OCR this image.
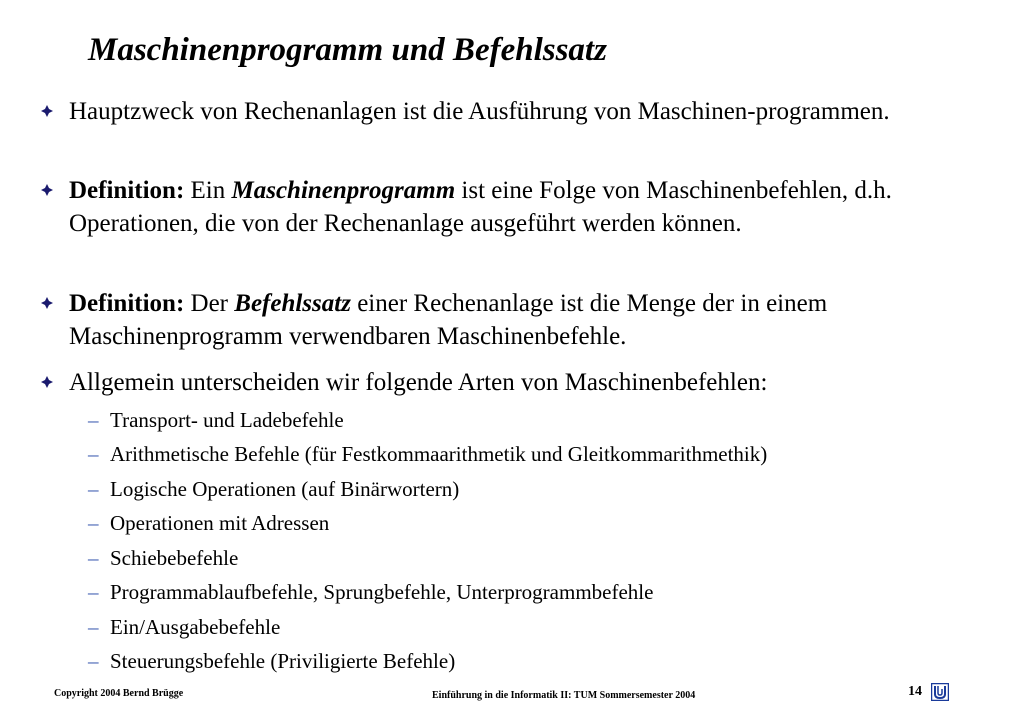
Maschinenprogramm und Befehlssatz
Hauptzweck von Rechenanlagen ist die Ausführung von Maschinen-programmen.
Definition: Ein Maschinenprogramm ist eine Folge von Maschinenbefehlen, d.h. Operationen, die von der Rechenanlage ausgeführt werden können.
Definition: Der Befehlssatz einer Rechenanlage ist die Menge der in einem Maschinenprogramm verwendbaren Maschinenbefehle.
Allgemein unterscheiden wir folgende Arten von Maschinenbefehlen:
– Transport- und Ladebefehle
– Arithmetische Befehle (für Festkommaarithmetik und Gleitkommarithmethik)
– Logische Operationen (auf Binärwortern)
– Operationen mit Adressen
– Schiebebefehle
– Programmablaufbefehle, Sprungbefehle, Unterprogrammbefehle
– Ein/Ausgabebefehle
– Steuerungsbefehle (Priviligierte Befehle)
Copyright 2004 Bernd Brügge	Einführung in die Informatik II: TUM Sommersemester 2004	14
